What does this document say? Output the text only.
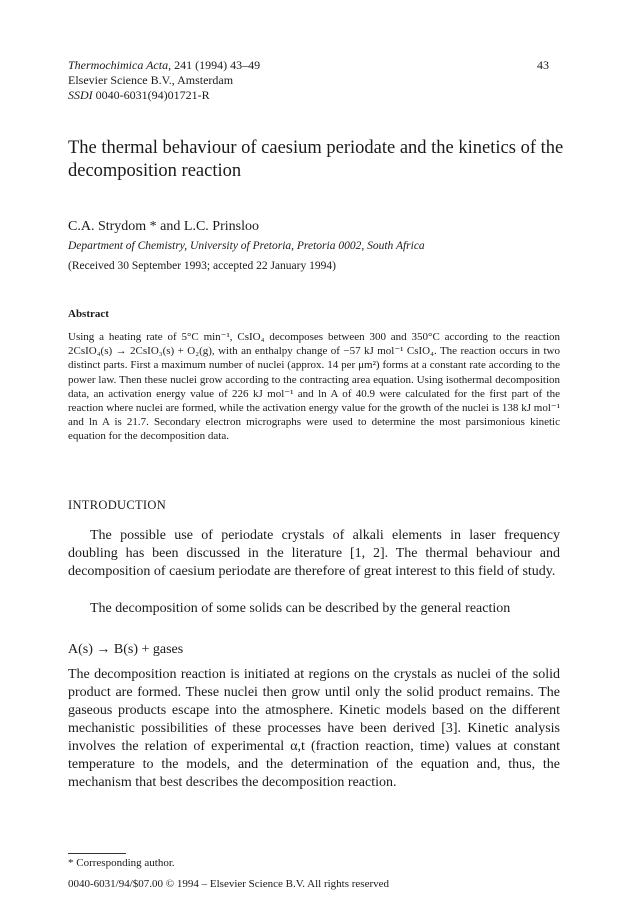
Thermochimica Acta, 241 (1994) 43–49
Elsevier Science B.V., Amsterdam
SSDI 0040-6031(94)01721-R
43
The thermal behaviour of caesium periodate and the kinetics of the decomposition reaction
C.A. Strydom * and L.C. Prinsloo
Department of Chemistry, University of Pretoria, Pretoria 0002, South Africa
(Received 30 September 1993; accepted 22 January 1994)
Abstract
Using a heating rate of 5°C min⁻¹, CsIO₄ decomposes between 300 and 350°C according to the reaction 2CsIO₄(s) → 2CsIO₃(s) + O₂(g), with an enthalpy change of −57 kJ mol⁻¹ CsIO₄. The reaction occurs in two distinct parts. First a maximum number of nuclei (approx. 14 per μm²) forms at a constant rate according to the power law. Then these nuclei grow according to the contracting area equation. Using isothermal decomposition data, an activation energy value of 226 kJ mol⁻¹ and ln A of 40.9 were calculated for the first part of the reaction where nuclei are formed, while the activation energy value for the growth of the nuclei is 138 kJ mol⁻¹ and ln A is 21.7. Secondary electron micrographs were used to determine the most parsimonious kinetic equation for the decomposition data.
INTRODUCTION

The possible use of periodate crystals of alkali elements in laser frequency doubling has been discussed in the literature [1, 2]. The thermal behaviour and decomposition of caesium periodate are therefore of great interest to this field of study.

The decomposition of some solids can be described by the general reaction

A(s) → B(s) + gases

The decomposition reaction is initiated at regions on the crystals as nuclei of the solid product are formed. These nuclei then grow until only the solid product remains. The gaseous products escape into the atmosphere. Kinetic models based on the different mechanistic possibilities of these processes have been derived [3]. Kinetic analysis involves the relation of experimental α,t (fraction reaction, time) values at constant temperature to the models, and the determination of the equation and, thus, the mechanism that best describes the decomposition reaction.

* Corresponding author.
0040-6031/94/$07.00 © 1994 – Elsevier Science B.V. All rights reserved
